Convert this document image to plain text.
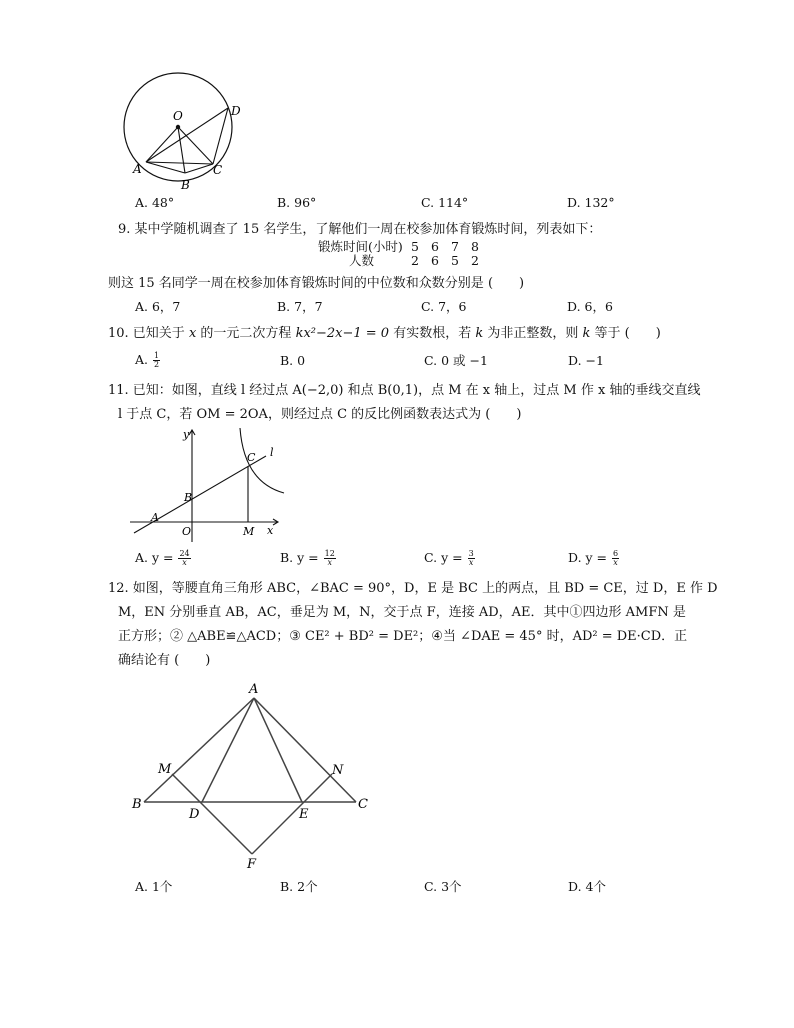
O	D
A	C
B
A. 48°	B. 96°	C. 114°	D. 132°
9. 某中学随机调查了 15 名学生，了解他们一周在校参加体育锻炼时间，列表如下：
锻炼时间(小时) 5 6 7 8
人数	2 6 5 2
则这 15 名同学一周在校参加体育锻炼时间的中位数和众数分别是 (　　)
A. 6，7	B. 7，7	C. 7，6	D. 6，6
10. 已知关于 x 的一元二次方程 kx²−2x−1 = 0 有实数根，若 k 为非正整数，则 k 等于 (　　)
A. $\frac{1}{2}$	B. 0	C. 0 或 −1	D. −1
11. 已知：如图，直线 l 经过点 A(−2,0) 和点 B(0,1)，点 M 在 x 轴上，过点 M 作 x 轴的垂线交直线
l 于点 C，若 OM = 2OA，则经过点 C 的反比例函数表达式为 (　　)
y
C l
B
A
O	M x
A. $y = \frac{24}{x}$	B. $y = \frac{12}{x}$	C. $y = \frac{3}{x}$	D. $y = \frac{6}{x}$
12. 如图，等腰直角三角形 ABC，∠BAC = 90°，D，E 是 BC 上的两点，且 BD = CE，过 D，E 作 D
M，EN 分别垂直 AB，AC，垂足为 M，N，交于点 F，连接 AD，AE．其中①四边形 AMFN 是
正方形；② △ABE≌△ACD；③ CE² + BD² = DE²；④当 ∠DAE = 45° 时，AD² = DE·CD．正
确结论有 (　　)
A
M	N
B
D	E
C
F
A. 1个	B. 2个	C. 3个	D. 4个
